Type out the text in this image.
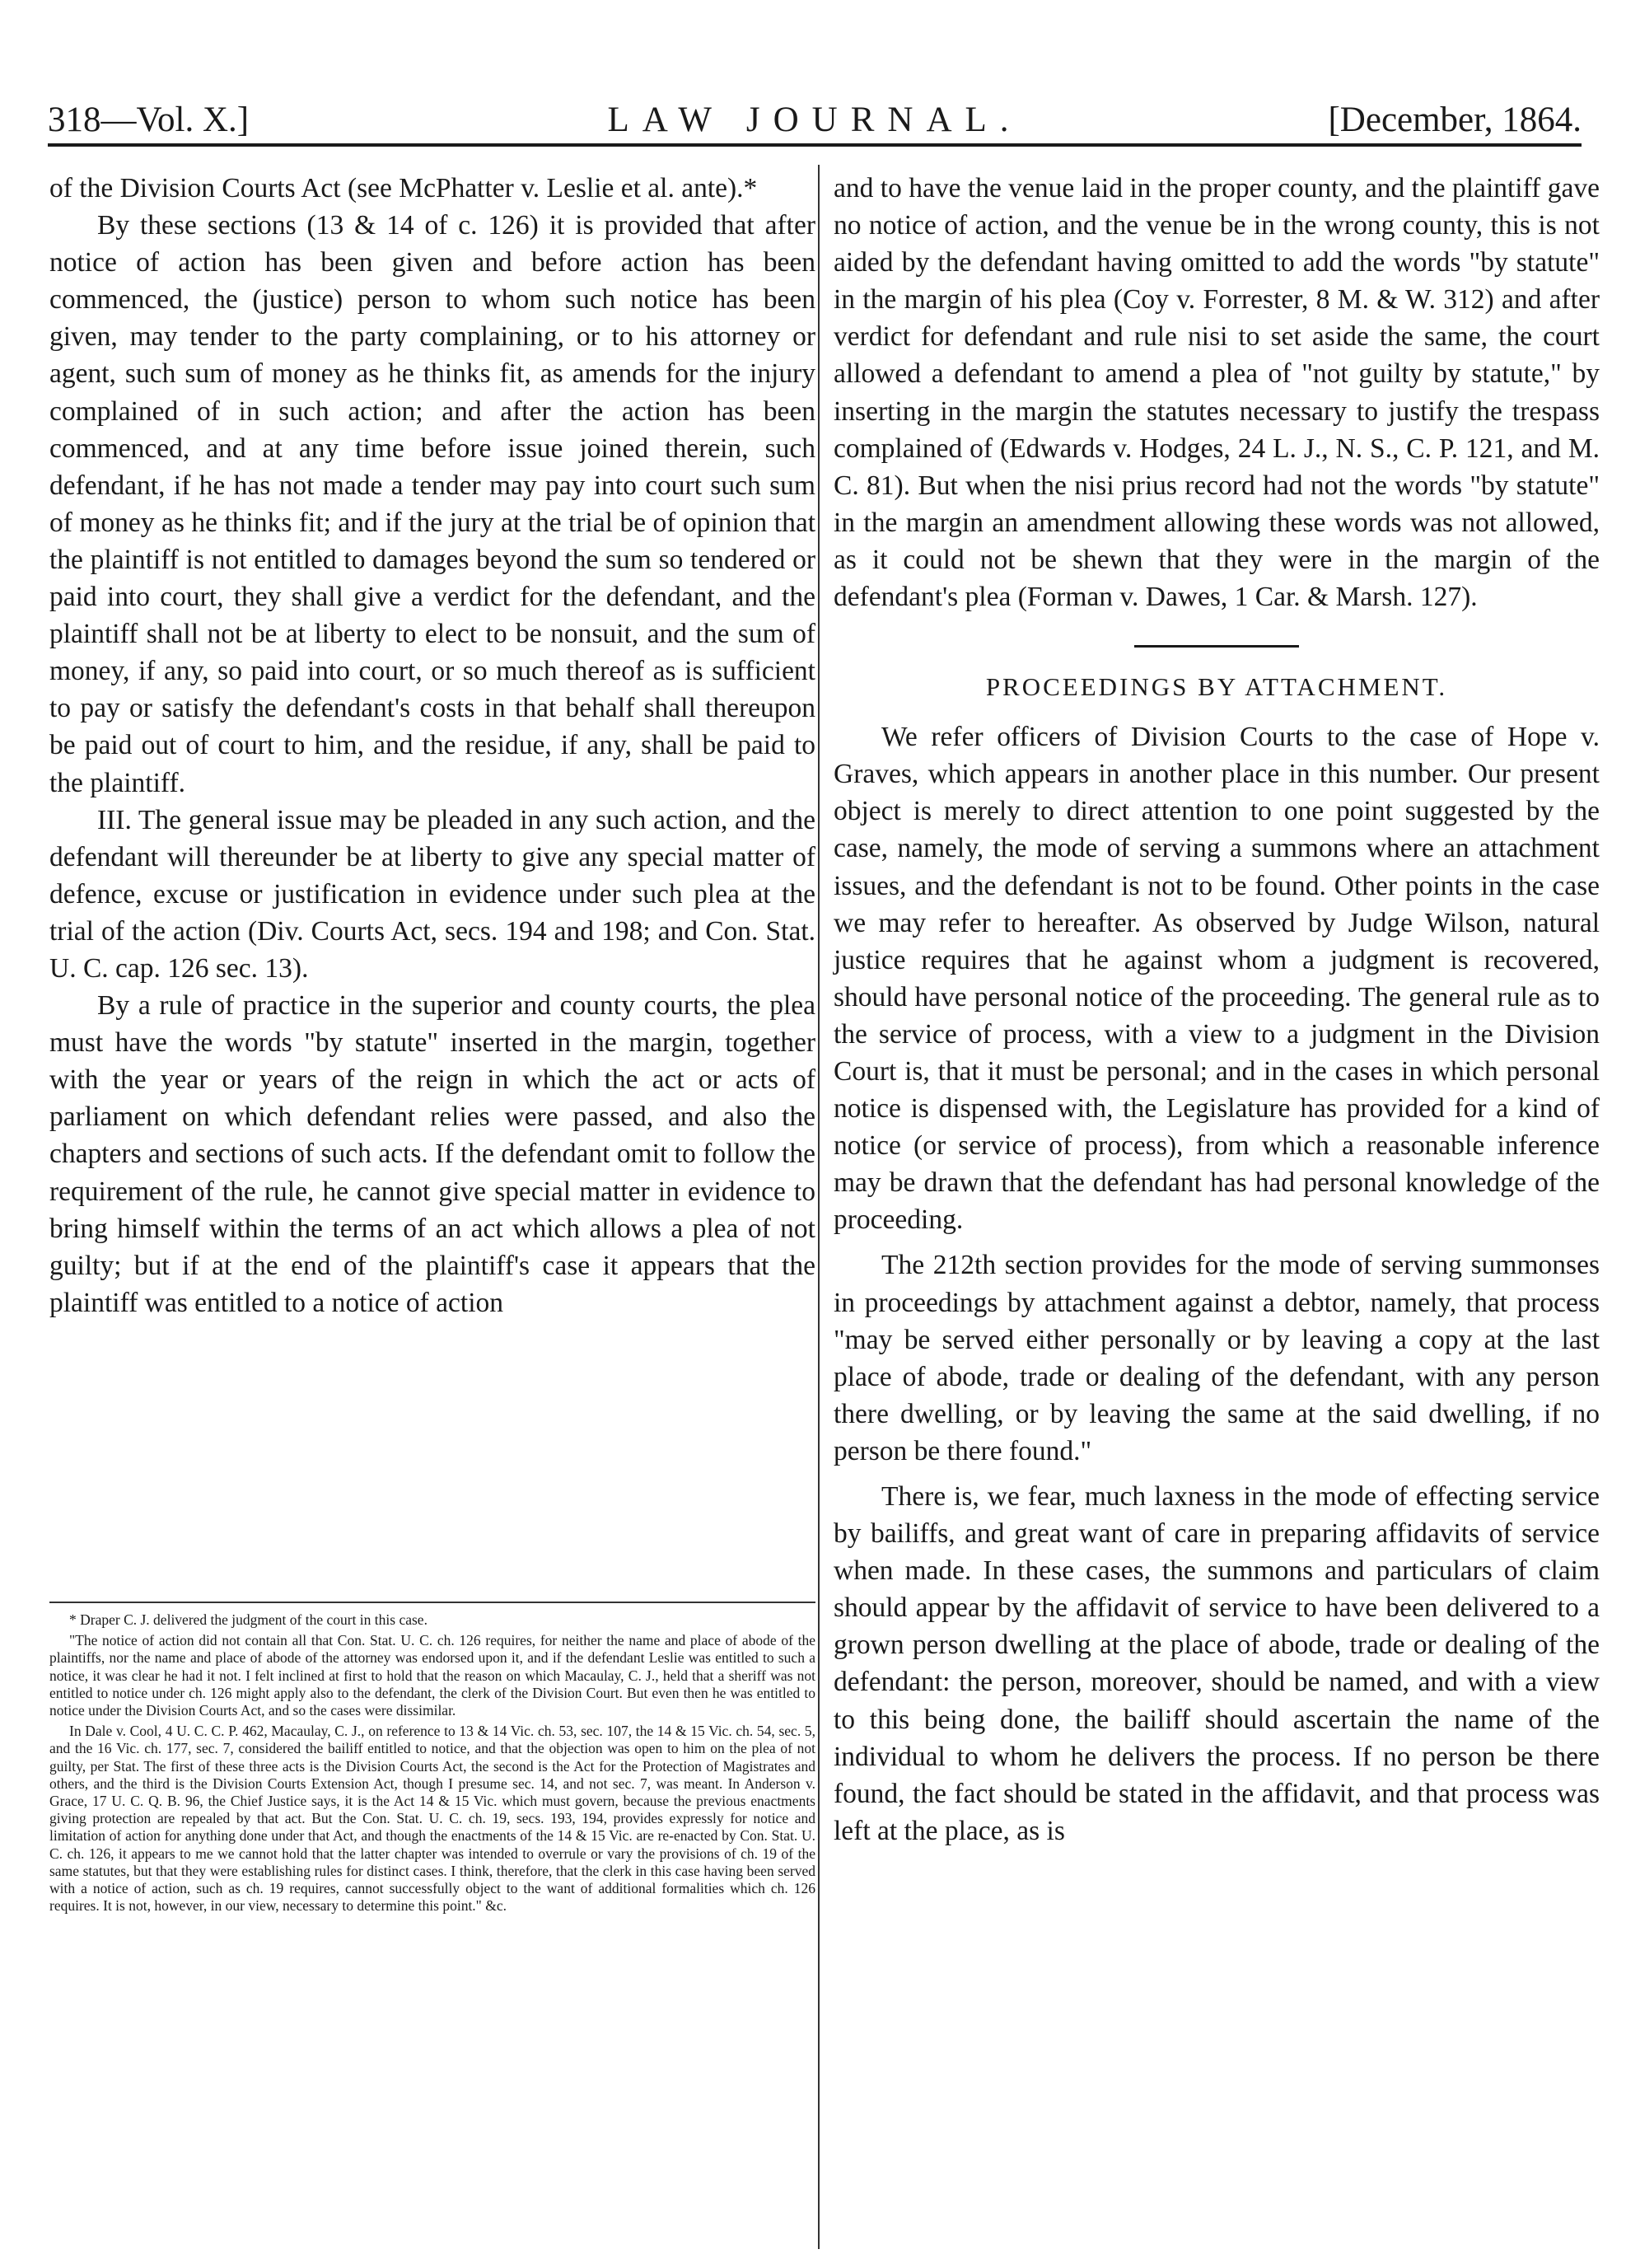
318—Vol. X.]	LAW JOURNAL.	[December, 1864.

of the Division Courts Act (see McPhatter v. Leslie et al. ante).*

By these sections (13 & 14 of c. 126) it is provided that after notice of action has been given and before action has been commenced, the (justice) person to whom such notice has been given, may tender to the party complaining, or to his attorney or agent, such sum of money as he thinks fit, as amends for the injury complained of in such action; and after the action has been commenced, and at any time before issue joined therein, such defendant, if he has not made a tender may pay into court such sum of money as he thinks fit; and if the jury at the trial be of opinion that the plaintiff is not entitled to damages beyond the sum so tendered or paid into court, they shall give a verdict for the defendant, and the plaintiff shall not be at liberty to elect to be nonsuit, and the sum of money, if any, so paid into court, or so much thereof as is sufficient to pay or satisfy the defendant's costs in that behalf shall thereupon be paid out of court to him, and the residue, if any, shall be paid to the plaintiff.

III. The general issue may be pleaded in any such action, and the defendant will thereunder be at liberty to give any special matter of defence, excuse or justification in evidence under such plea at the trial of the action (Div. Courts Act, secs. 194 and 198; and Con. Stat. U. C. cap. 126 sec. 13).

By a rule of practice in the superior and county courts, the plea must have the words "by statute" inserted in the margin, together with the year or years of the reign in which the act or acts of parliament on which defendant relies were passed, and also the chapters and sections of such acts. If the defendant omit to follow the requirement of the rule, he cannot give special matter in evidence to bring himself within the terms of an act which allows a plea of not guilty; but if at the end of the plaintiff's case it appears that the plaintiff was entitled to a notice of action

* Draper C. J. delivered the judgment of the court in this case.

"The notice of action did not contain all that Con. Stat. U. C. ch. 126 requires, for neither the name and place of abode of the plaintiffs, nor the name and place of abode of the attorney was endorsed upon it, and if the defendant Leslie was entitled to such a notice, it was clear he had it not. I felt inclined at first to hold that the reason on which Macaulay, C. J., held that a sheriff was not entitled to notice under ch. 126 might apply also to the defendant, the clerk of the Division Court. But even then he was entitled to notice under the Division Courts Act, and so the cases were dissimilar.

In Dale v. Cool, 4 U. C. C. P. 462, Macaulay, C. J., on reference to 13 & 14 Vic. ch. 53, sec. 107, the 14 & 15 Vic. ch. 54, sec. 5, and the 16 Vic. ch. 177, sec. 7, considered the bailiff entitled to notice, and that the objection was open to him on the plea of not guilty, per Stat. The first of these three acts is the Division Courts Act, the second is the Act for the Protection of Magistrates and others, and the third is the Division Courts Extension Act, though I presume sec. 14, and not sec. 7, was meant. In Anderson v. Grace, 17 U. C. Q. B. 96, the Chief Justice says, it is the Act 14 & 15 Vic. which must govern, because the previous enactments giving protection are repealed by that act. But the Con. Stat. U. C. ch. 19, secs. 193, 194, provides expressly for notice and limitation of action for anything done under that Act, and though the enactments of the 14 & 15 Vic. are re-enacted by Con. Stat. U. C. ch. 126, it appears to me we cannot hold that the latter chapter was intended to overrule or vary the provisions of ch. 19 of the same statutes, but that they were establishing rules for distinct cases. I think, therefore, that the clerk in this case having been served with a notice of action, such as ch. 19 requires, cannot successfully object to the want of additional formalities which ch. 126 requires. It is not, however, in our view, necessary to determine this point." &c.

and to have the venue laid in the proper county, and the plaintiff gave no notice of action, and the venue be in the wrong county, this is not aided by the defendant having omitted to add the words "by statute" in the margin of his plea (Coy v. Forrester, 8 M. & W. 312) and after verdict for defendant and rule nisi to set aside the same, the court allowed a defendant to amend a plea of "not guilty by statute," by inserting in the margin the statutes necessary to justify the trespass complained of (Edwards v. Hodges, 24 L. J., N. S., C. P. 121, and M. C. 81). But when the nisi prius record had not the words "by statute" in the margin an amendment allowing these words was not allowed, as it could not be shewn that they were in the margin of the defendant's plea (Forman v. Dawes, 1 Car. & Marsh. 127).

PROCEEDINGS BY ATTACHMENT.

We refer officers of Division Courts to the case of Hope v. Graves, which appears in another place in this number. Our present object is merely to direct attention to one point suggested by the case, namely, the mode of serving a summons where an attachment issues, and the defendant is not to be found. Other points in the case we may refer to hereafter. As observed by Judge Wilson, natural justice requires that he against whom a judgment is recovered, should have personal notice of the proceeding. The general rule as to the service of process, with a view to a judgment in the Division Court is, that it must be personal; and in the cases in which personal notice is dispensed with, the Legislature has provided for a kind of notice (or service of process), from which a reasonable inference may be drawn that the defendant has had personal knowledge of the proceeding.

The 212th section provides for the mode of serving summonses in proceedings by attachment against a debtor, namely, that process "may be served either personally or by leaving a copy at the last place of abode, trade or dealing of the defendant, with any person there dwelling, or by leaving the same at the said dwelling, if no person be there found."

There is, we fear, much laxness in the mode of effecting service by bailiffs, and great want of care in preparing affidavits of service when made. In these cases, the summons and particulars of claim should appear by the affidavit of service to have been delivered to a grown person dwelling at the place of abode, trade or dealing of the defendant: the person, moreover, should be named, and with a view to this being done, the bailiff should ascertain the name of the individual to whom he delivers the process. If no person be there found, the fact should be stated in the affidavit, and that process was left at the place, as is
